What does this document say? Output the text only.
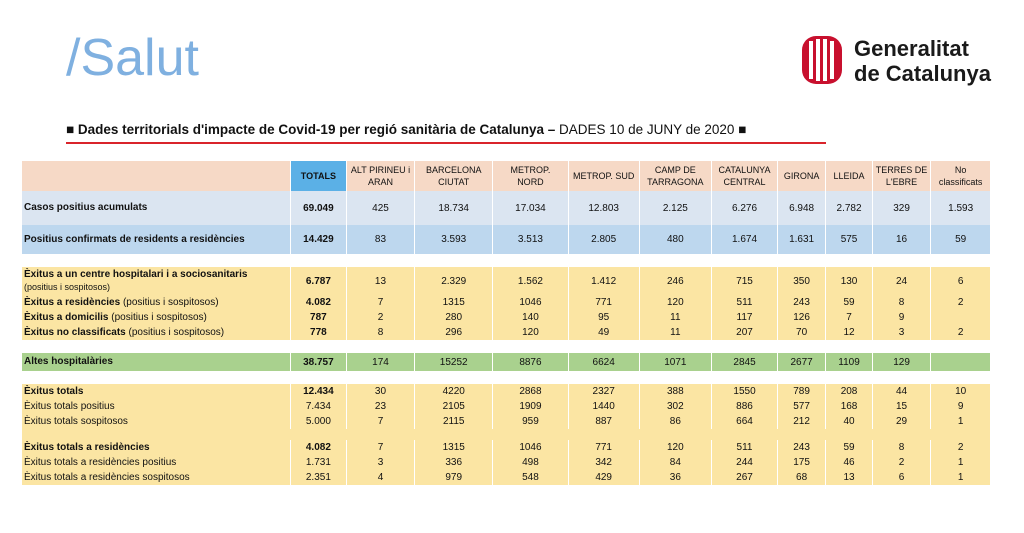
/Salut	Generalitat
de Catalunya
■ Dades territorials d'impacte de Covid-19 per regió sanitària de Catalunya – DADES 10 de JUNY de 2020 ■
	TOTALS	ALT PIRINEU i ARAN	BARCELONA CIUTAT	METROP. NORD	METROP. SUD	CAMP DE TARRAGONA	CATALUNYA CENTRAL	GIRONA	LLEIDA	TERRES DE L'EBRE	No classificats
Casos positius acumulats	69.049	425	18.734	17.034	12.803	2.125	6.276	6.948	2.782	329	1.593
Positius confirmats de residents a residències	14.429	83	3.593	3.513	2.805	480	1.674	1.631	575	16	59

Èxitus a un centre hospitalari i a sociosanitaris
(positius i sospitosos)	6.787	13	2.329	1.562	1.412	246	715	350	130	24	6
Èxitus a residències (positius i sospitosos)	4.082	7	1315	1046	771	120	511	243	59	8	2
Èxitus a domicilis (positius i sospitosos)	787	2	280	140	95	11	117	126	7	9	
Èxitus no classificats (positius i sospitosos)	778	8	296	120	49	11	207	70	12	3	2

Altes hospitalàries	38.757	174	15252	8876	6624	1071	2845	2677	1109	129	

Èxitus totals	12.434	30	4220	2868	2327	388	1550	789	208	44	10
Èxitus totals positius	7.434	23	2105	1909	1440	302	886	577	168	15	9
Èxitus totals sospitosos	5.000	7	2115	959	887	86	664	212	40	29	1

Èxitus totals a residències	4.082	7	1315	1046	771	120	511	243	59	8	2
Èxitus totals a residències positius	1.731	3	336	498	342	84	244	175	46	2	1
Èxitus totals a residències sospitosos	2.351	4	979	548	429	36	267	68	13	6	1
